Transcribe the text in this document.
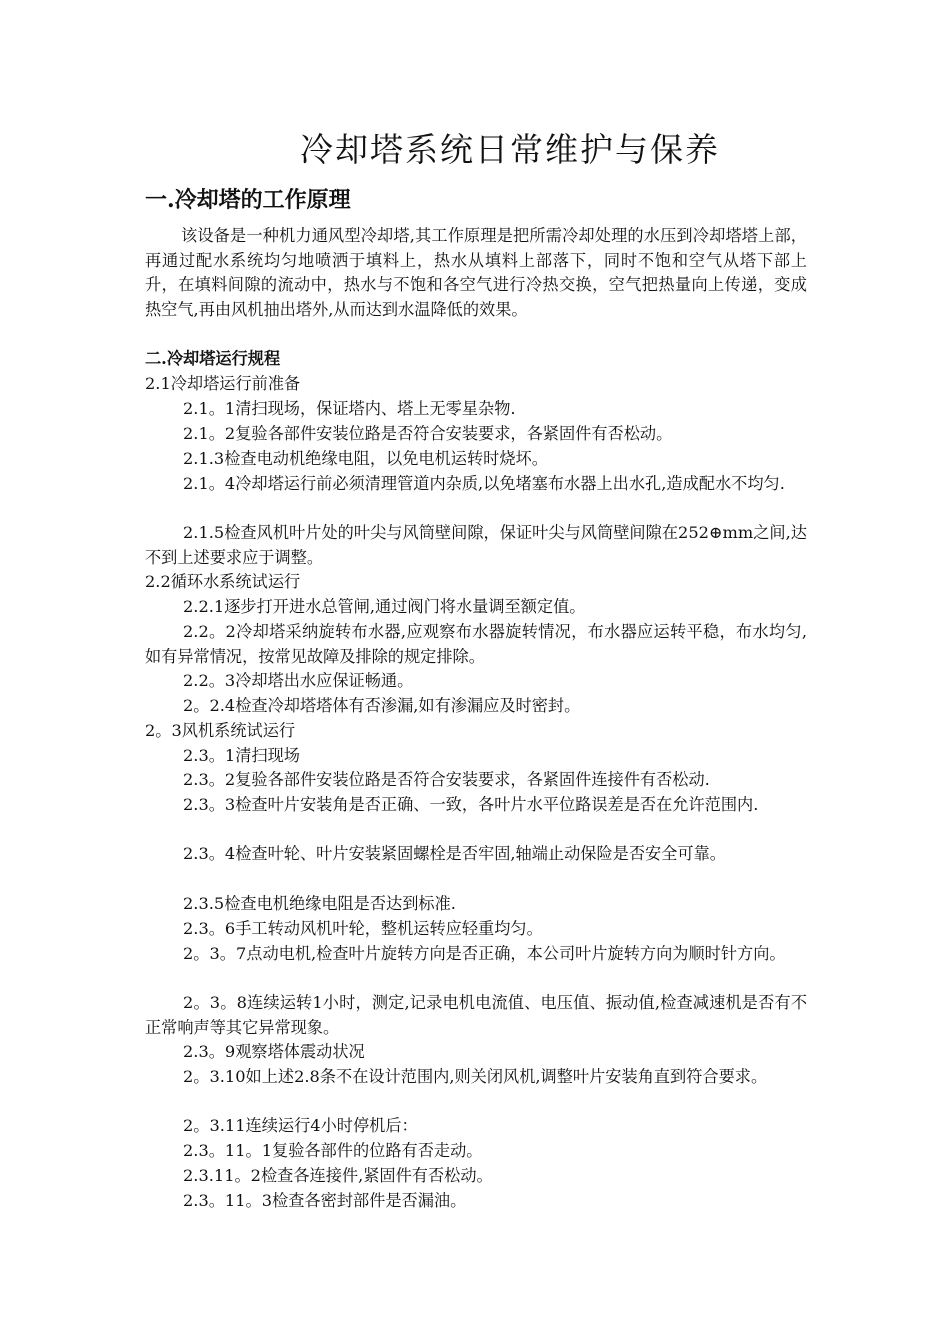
冷却塔系统日常维护与保养
一.冷却塔的工作原理

该设备是一种机力通风型冷却塔,其工作原理是把所需冷却处理的水压到冷却塔塔上部，再通过配水系统均匀地喷洒于填料上，热水从填料上部落下，同时不饱和空气从塔下部上升，在填料间隙的流动中，热水与不饱和各空气进行冷热交换，空气把热量向上传递，变成热空气,再由风机抽出塔外,从而达到水温降低的效果。

二.冷却塔运行规程
2.1冷却塔运行前准备

2.1。1清扫现场，保证塔内、塔上无零星杂物.

2.1。2复验各部件安装位路是否符合安装要求，各紧固件有否松动。

2.1.3检查电动机绝缘电阻，以免电机运转时烧坏。

2.1。4冷却塔运行前必须清理管道内杂质,以免堵塞布水器上出水孔,造成配水不均匀.

2.1.5检查风机叶片处的叶尖与风筒壁间隙，保证叶尖与风筒壁间隙在252⊕mm之间,达不到上述要求应于调整。

2.2循环水系统试运行

2.2.1逐步打开进水总管闸,通过阀门将水量调至额定值。

2.2。2冷却塔采纳旋转布水器,应观察布水器旋转情况，布水器应运转平稳，布水均匀,如有异常情况，按常见故障及排除的规定排除。

2.2。3冷却塔出水应保证畅通。

2。2.4检查冷却塔塔体有否渗漏,如有渗漏应及时密封。

2。3风机系统试运行

2.3。1清扫现场

2.3。2复验各部件安装位路是否符合安装要求，各紧固件连接件有否松动.

2.3。3检查叶片安装角是否正确、一致，各叶片水平位路误差是否在允许范围内.

2.3。4检查叶轮、叶片安装紧固螺栓是否牢固,轴端止动保险是否安全可靠。

2.3.5检查电机绝缘电阻是否达到标准.

2.3。6手工转动风机叶轮，整机运转应轻重均匀。

2。3。7点动电机,检查叶片旋转方向是否正确，本公司叶片旋转方向为顺时针方向。

2。3。8连续运转1小时，测定,记录电机电流值、电压值、振动值,检查减速机是否有不正常响声等其它异常现象。

2.3。9观察塔体震动状况

2。3.10如上述2.8条不在设计范围内,则关闭风机,调整叶片安装角直到符合要求。

2。3.11连续运行4小时停机后：

2.3。11。1复验各部件的位路有否走动。

2.3.11。2检查各连接件,紧固件有否松动。

2.3。11。3检查各密封部件是否漏油。
